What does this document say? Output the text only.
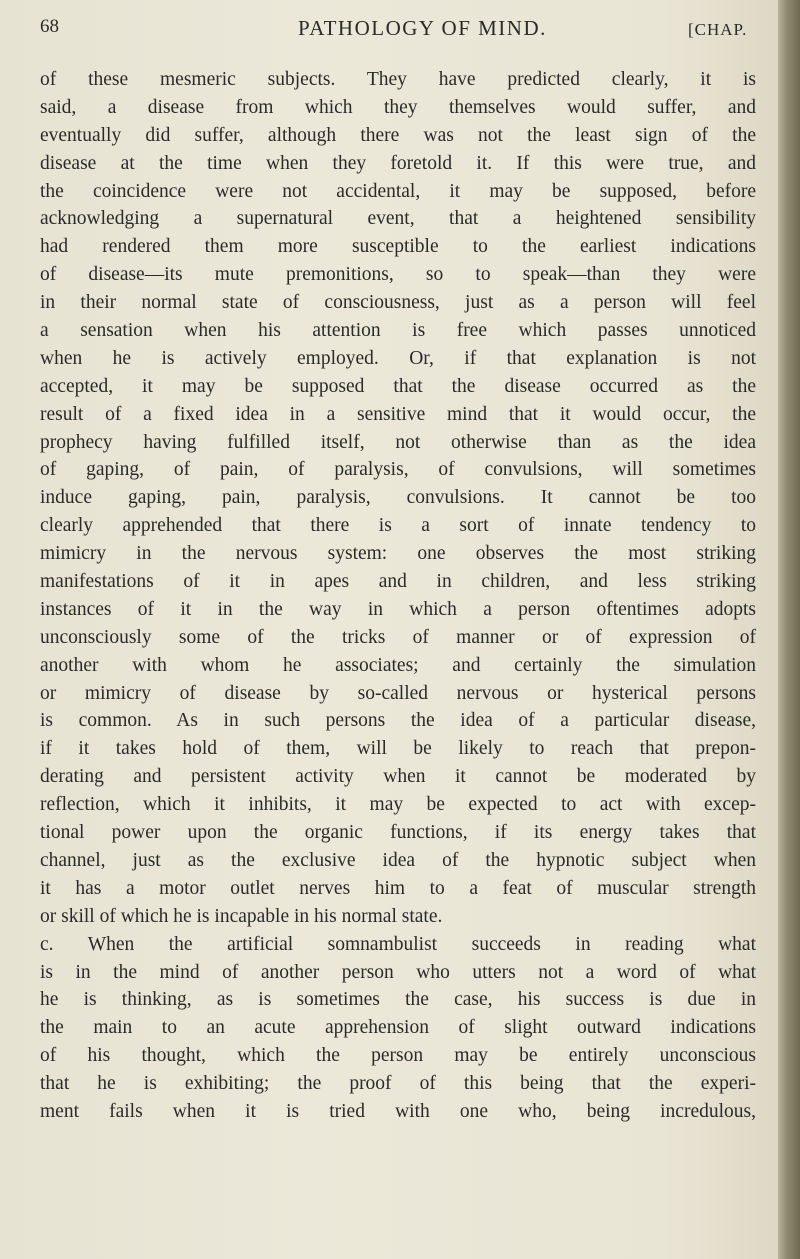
68	PATHOLOGY OF MIND.	[CHAP.
of these mesmeric subjects. They have predicted clearly, it is
said, a disease from which they themselves would suffer, and
eventually did suffer, although there was not the least sign of the
disease at the time when they foretold it. If this were true, and
the coincidence were not accidental, it may be supposed, before
acknowledging a supernatural event, that a heightened sensibility
had rendered them more susceptible to the earliest indications
of disease—its mute premonitions, so to speak—than they were
in their normal state of consciousness, just as a person will feel
a sensation when his attention is free which passes unnoticed
when he is actively employed. Or, if that explanation is not
accepted, it may be supposed that the disease occurred as the
result of a fixed idea in a sensitive mind that it would occur, the
prophecy having fulfilled itself, not otherwise than as the idea
of gaping, of pain, of paralysis, of convulsions, will sometimes
induce gaping, pain, paralysis, convulsions. It cannot be too
clearly apprehended that there is a sort of innate tendency to
mimicry in the nervous system: one observes the most striking
manifestations of it in apes and in children, and less striking
instances of it in the way in which a person oftentimes adopts
unconsciously some of the tricks of manner or of expression of
another with whom he associates; and certainly the simulation
or mimicry of disease by so-called nervous or hysterical persons
is common. As in such persons the idea of a particular disease,
if it takes hold of them, will be likely to reach that prepon-
derating and persistent activity when it cannot be moderated by
reflection, which it inhibits, it may be expected to act with excep-
tional power upon the organic functions, if its energy takes that
channel, just as the exclusive idea of the hypnotic subject when
it has a motor outlet nerves him to a feat of muscular strength
or skill of which he is incapable in his normal state.
c. When the artificial somnambulist succeeds in reading what
is in the mind of another person who utters not a word of what
he is thinking, as is sometimes the case, his success is due in
the main to an acute apprehension of slight outward indications
of his thought, which the person may be entirely unconscious
that he is exhibiting; the proof of this being that the experi-
ment fails when it is tried with one who, being incredulous,
